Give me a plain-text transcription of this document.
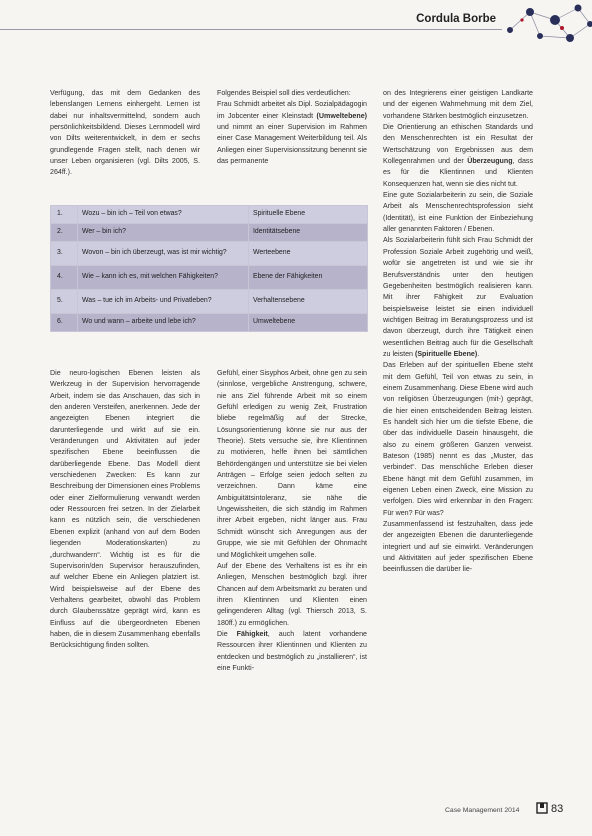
Cordula Borbe

Verfügung, das mit dem Gedanken des lebenslangen Lernens einhergeht. Lernen ist dabei nur inhaltsvermittelnd, sondern auch persönlichkeitsbildend. Dieses Lernmodell wird von Dilts weiterentwickelt, in dem er sechs grundlegende Fragen stellt, nach denen wir unser Leben organisieren (vgl. Dilts 2005, S. 264ff.).

Folgendes Beispiel soll dies verdeutlichen:

Frau Schmidt arbeitet als Dipl. Sozialpädagogin im Jobcenter einer Kleinstadt (Umweltebene) und nimmt an einer Supervision im Rahmen einer Case Management Weiterbildung teil. Als Anliegen einer Supervisionssitzung benennt sie das permanente

1.	Wozu – bin ich – Teil von etwas?	Spirituelle Ebene
2.	Wer – bin ich?	Identitätsebene
3.	Wovon – bin ich überzeugt, was ist mir wichtig?	Werteebene
4.	Wie – kann ich es, mit welchen Fähigkeiten?	Ebene der Fähigkeiten
5.	Was – tue ich im Arbeits- und Privatleben?	Verhaltensebene
6.	Wo und wann – arbeite und lebe ich?	Umweltebene

Die neuro-logischen Ebenen leisten als Werkzeug in der Supervision hervorragende Arbeit, indem sie das Anschauen, das sich in den anderen Versteifen, anerkennen. Jede der angezeigten Ebenen integriert die darunterliegende und wirkt auf sie ein. Veränderungen und Aktivitäten auf jeder spezifischen Ebene beeinflussen die darüberliegende Ebene. Das Modell dient verschiedenen Zwecken: Es kann zur Beschreibung der Dimensionen eines Problems oder einer Zielformulierung verwandt werden oder Ressourcen frei setzen. In der Zielarbeit kann es nützlich sein, die verschiedenen Ebenen explizit (anhand von auf dem Boden liegenden Moderationskarten) zu „durchwandern“. Wichtig ist es für die Supervisorin/den Supervisor herauszufinden, auf welcher Ebene ein Anliegen platziert ist. Wird beispielsweise auf der Ebene des Verhaltens gearbeitet, obwohl das Problem durch Glaubenssätze geprägt wird, kann es Einfluss auf die übergeordneten Ebenen haben, die in diesem Zusammenhang ebenfalls Berücksichtigung finden sollten.

Gefühl, einer Sisyphos Arbeit, ohne gen zu sein (sinnlose, vergebliche Anstrengung, schwere, nie ans Ziel führende Arbeit mit so einem Gefühl erledigen zu wenig Zeit, Frustration bliebe regelmäßig auf der Strecke, Lösungsorientierung könne sie nur aus der Theorie). Stets versuche sie, ihre Klientinnen zu motivieren, helfe ihnen bei sämtlichen Behördengängen und unterstütze sie bei vielen Anträgen – Erfolge seien jedoch selten zu verzeichnen. Dann käme eine Ambiguitätsintoleranz, sie nähe die Ungewissheiten, die sich ständig im Rahmen ihrer Arbeit ergeben, nicht länger aus. Frau Schmidt wünscht sich Anregungen aus der Gruppe, wie sie mit Gefühlen der Ohnmacht und Möglichkeit umgehen solle.

Auf der Ebene des Verhaltens ist es ihr ein Anliegen, Menschen bestmöglich bzgl. ihrer Chancen auf dem Arbeitsmarkt zu beraten und ihren Klientinnen und Klienten einen gelingenderen Alltag (vgl. Thiersch 2013, S. 180ff.) zu ermöglichen.

Die Fähigkeit, auch latent vorhandene Ressourcen ihrer Klientinnen und Klienten zu entdecken und bestmöglich zu „installieren“, ist eine Funkti-

on des Integrierens einer geistigen Landkarte und der eigenen Wahrnehmung mit dem Ziel, vorhandene Stärken bestmöglich einzusetzen.

Die Orientierung an ethischen Standards und den Menschenrechten ist ein Resultat der Wertschätzung von Ergebnissen aus dem Kollegenrahmen und der Überzeugung, dass es für die Klientinnen und Klienten Konsequenzen hat, wenn sie dies nicht tut.

Eine gute Sozialarbeiterin zu sein, die Soziale Arbeit als Menschenrechtsprofession sieht (Identität), ist eine Funktion der Einbeziehung aller genannten Faktoren / Ebenen.

Als Sozialarbeiterin fühlt sich Frau Schmidt der Profession Soziale Arbeit zugehörig und weiß, wofür sie angetreten ist und wie sie ihr Berufsverständnis unter den heutigen Gegebenheiten bestmöglich realisieren kann. Mit ihrer Fähigkeit zur Evaluation beispielsweise leistet sie einen individuell wichtigen Beitrag im Beratungsprozess und ist davon überzeugt, durch ihre Tätigkeit einen wesentlichen Beitrag auch für die Gesellschaft zu leisten (Spirituelle Ebene).

Das Erleben auf der spirituellen Ebene steht mit dem Gefühl, Teil von etwas zu sein, in einem Zusammenhang. Diese Ebene wird auch von religiösen Überzeugungen (mit-) geprägt, die hier einen entscheidenden Beitrag leisten. Es handelt sich hier um die tiefste Ebene, die über das individuelle Dasein hinausgeht, die also zu einem größeren Ganzen verweist. Bateson (1985) nennt es das „Muster, das verbindet“. Das menschliche Erleben dieser Ebene hängt mit dem Gefühl zusammen, im eigenen Leben einen Zweck, eine Mission zu verfolgen. Dies wird erkennbar in den Fragen: Für wen? Für was?

Zusammenfassend ist festzuhalten, dass jede der angezeigten Ebenen die darunterliegende integriert und auf sie einwirkt. Veränderungen und Aktivitäten auf jeder spezifischen Ebene beeinflussen die darüber lie-

Case Management 2014	83
